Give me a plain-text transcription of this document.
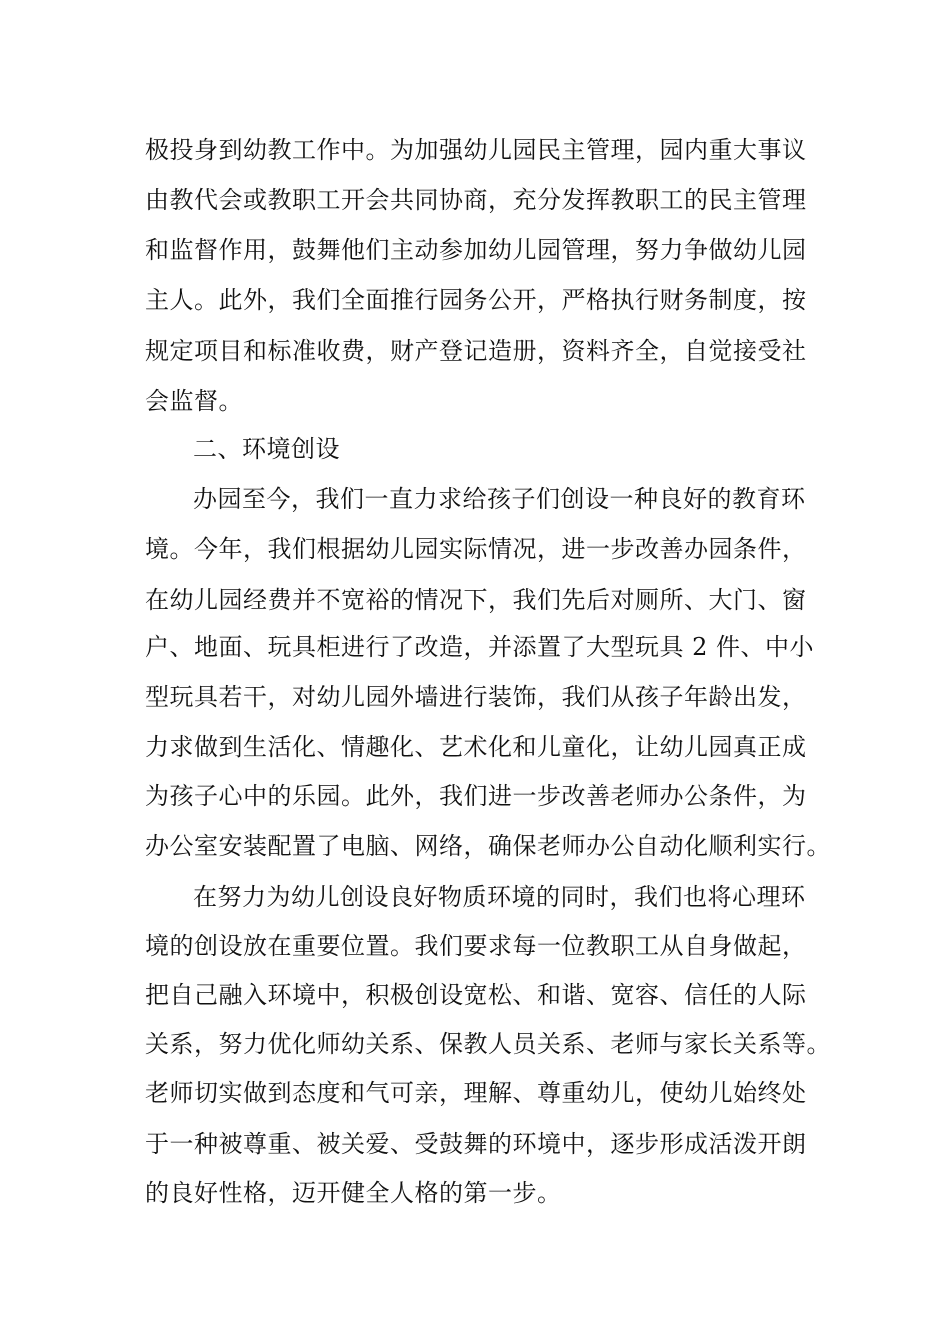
极投身到幼教工作中。为加强幼儿园民主管理，园内重大事议
由教代会或教职工开会共同协商，充分发挥教职工的民主管理
和监督作用，鼓舞他们主动参加幼儿园管理，努力争做幼儿园
主人。此外，我们全面推行园务公开，严格执行财务制度，按
规定项目和标准收费，财产登记造册，资料齐全，自觉接受社
会监督。
二、环境创设
办园至今，我们一直力求给孩子们创设一种良好的教育环
境。今年，我们根据幼儿园实际情况，进一步改善办园条件，
在幼儿园经费并不宽裕的情况下，我们先后对厕所、大门、窗
户、地面、玩具柜进行了改造，并添置了大型玩具 2 件、中小
型玩具若干，对幼儿园外墙进行装饰，我们从孩子年龄出发，
力求做到生活化、情趣化、艺术化和儿童化，让幼儿园真正成
为孩子心中的乐园。此外，我们进一步改善老师办公条件，为
办公室安装配置了电脑、网络，确保老师办公自动化顺利实行。
在努力为幼儿创设良好物质环境的同时，我们也将心理环
境的创设放在重要位置。我们要求每一位教职工从自身做起，
把自己融入环境中，积极创设宽松、和谐、宽容、信任的人际
关系，努力优化师幼关系、保教人员关系、老师与家长关系等。
老师切实做到态度和气可亲，理解、尊重幼儿，使幼儿始终处
于一种被尊重、被关爱、受鼓舞的环境中，逐步形成活泼开朗
的良好性格，迈开健全人格的第一步。
